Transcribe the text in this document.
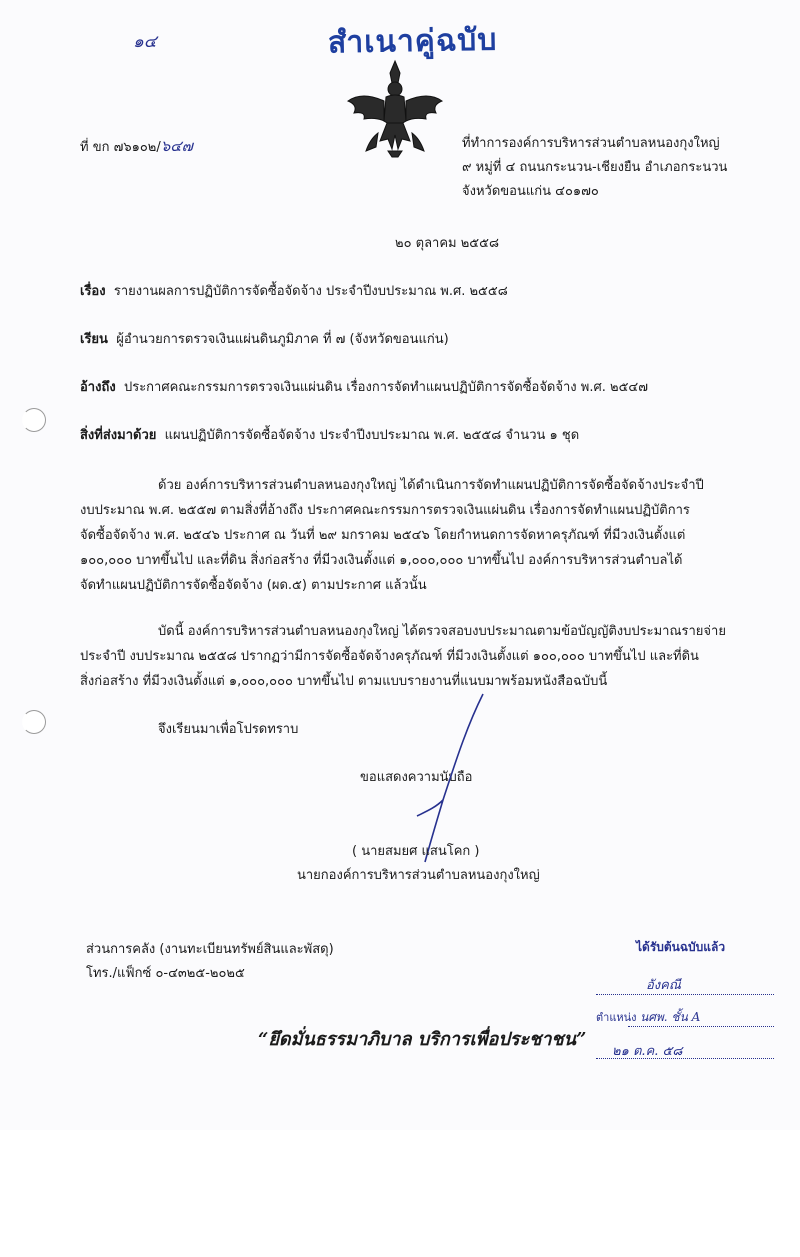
๑๔	สำเนาคู่ฉบับ
ที่ ขก ๗๖๑๐๒/๖๔๗	ที่ทำการองค์การบริหารส่วนตำบลหนองกุงใหญ่
๙ หมู่ที่ ๔ ถนนกระนวน-เชียงยืน อำเภอกระนวน
จังหวัดขอนแก่น ๔๐๑๗๐
๒๐ ตุลาคม ๒๕๕๘
เรื่อง รายงานผลการปฏิบัติการจัดซื้อจัดจ้าง ประจำปีงบประมาณ พ.ศ. ๒๕๕๘
เรียน ผู้อำนวยการตรวจเงินแผ่นดินภูมิภาค ที่ ๗ (จังหวัดขอนแก่น)
อ้างถึง ประกาศคณะกรรมการตรวจเงินแผ่นดิน เรื่องการจัดทำแผนปฏิบัติการจัดซื้อจัดจ้าง พ.ศ. ๒๕๔๗
สิ่งที่ส่งมาด้วย แผนปฏิบัติการจัดซื้อจัดจ้าง ประจำปีงบประมาณ พ.ศ. ๒๕๕๘ จำนวน ๑ ชุด
ด้วย องค์การบริหารส่วนตำบลหนองกุงใหญ่ ได้ดำเนินการจัดทำแผนปฏิบัติการจัดซื้อจัดจ้างประจำปี
งบประมาณ พ.ศ. ๒๕๕๗ ตามสิ่งที่อ้างถึง ประกาศคณะกรรมการตรวจเงินแผ่นดิน เรื่องการจัดทำแผนปฏิบัติการ
จัดซื้อจัดจ้าง พ.ศ. ๒๕๔๖ ประกาศ ณ วันที่ ๒๙ มกราคม ๒๕๔๖ โดยกำหนดการจัดหาครุภัณฑ์ ที่มีวงเงินตั้งแต่
๑๐๐,๐๐๐ บาทขึ้นไป และที่ดิน สิ่งก่อสร้าง ที่มีวงเงินตั้งแต่ ๑,๐๐๐,๐๐๐ บาทขึ้นไป องค์การบริหารส่วนตำบลได้
จัดทำแผนปฏิบัติการจัดซื้อจัดจ้าง (ผด.๕) ตามประกาศ แล้วนั้น
บัดนี้ องค์การบริหารส่วนตำบลหนองกุงใหญ่ ได้ตรวจสอบงบประมาณตามข้อบัญญัติงบประมาณรายจ่าย
ประจำปี งบประมาณ ๒๕๕๘ ปรากฏว่ามีการจัดซื้อจัดจ้างครุภัณฑ์ ที่มีวงเงินตั้งแต่ ๑๐๐,๐๐๐ บาทขึ้นไป และที่ดิน
สิ่งก่อสร้าง ที่มีวงเงินตั้งแต่ ๑,๐๐๐,๐๐๐ บาทขึ้นไป ตามแบบรายงานที่แนบมาพร้อมหนังสือฉบับนี้
จึงเรียนมาเพื่อโปรดทราบ
ขอแสดงความนับถือ
( นายสมยศ แสนโคก )
นายกองค์การบริหารส่วนตำบลหนองกุงใหญ่
ส่วนการคลัง (งานทะเบียนทรัพย์สินและพัสดุ)
โทร./แฟ็กซ์ ๐-๔๓๒๕-๒๐๒๕
“ยึดมั่นธรรมาภิบาล บริการเพื่อประชาชน”
ได้รับต้นฉบับแล้ว
อังคณี
ตำแหน่ง นศพ. ชั้น A
๒๑ ต.ค. ๕๘
